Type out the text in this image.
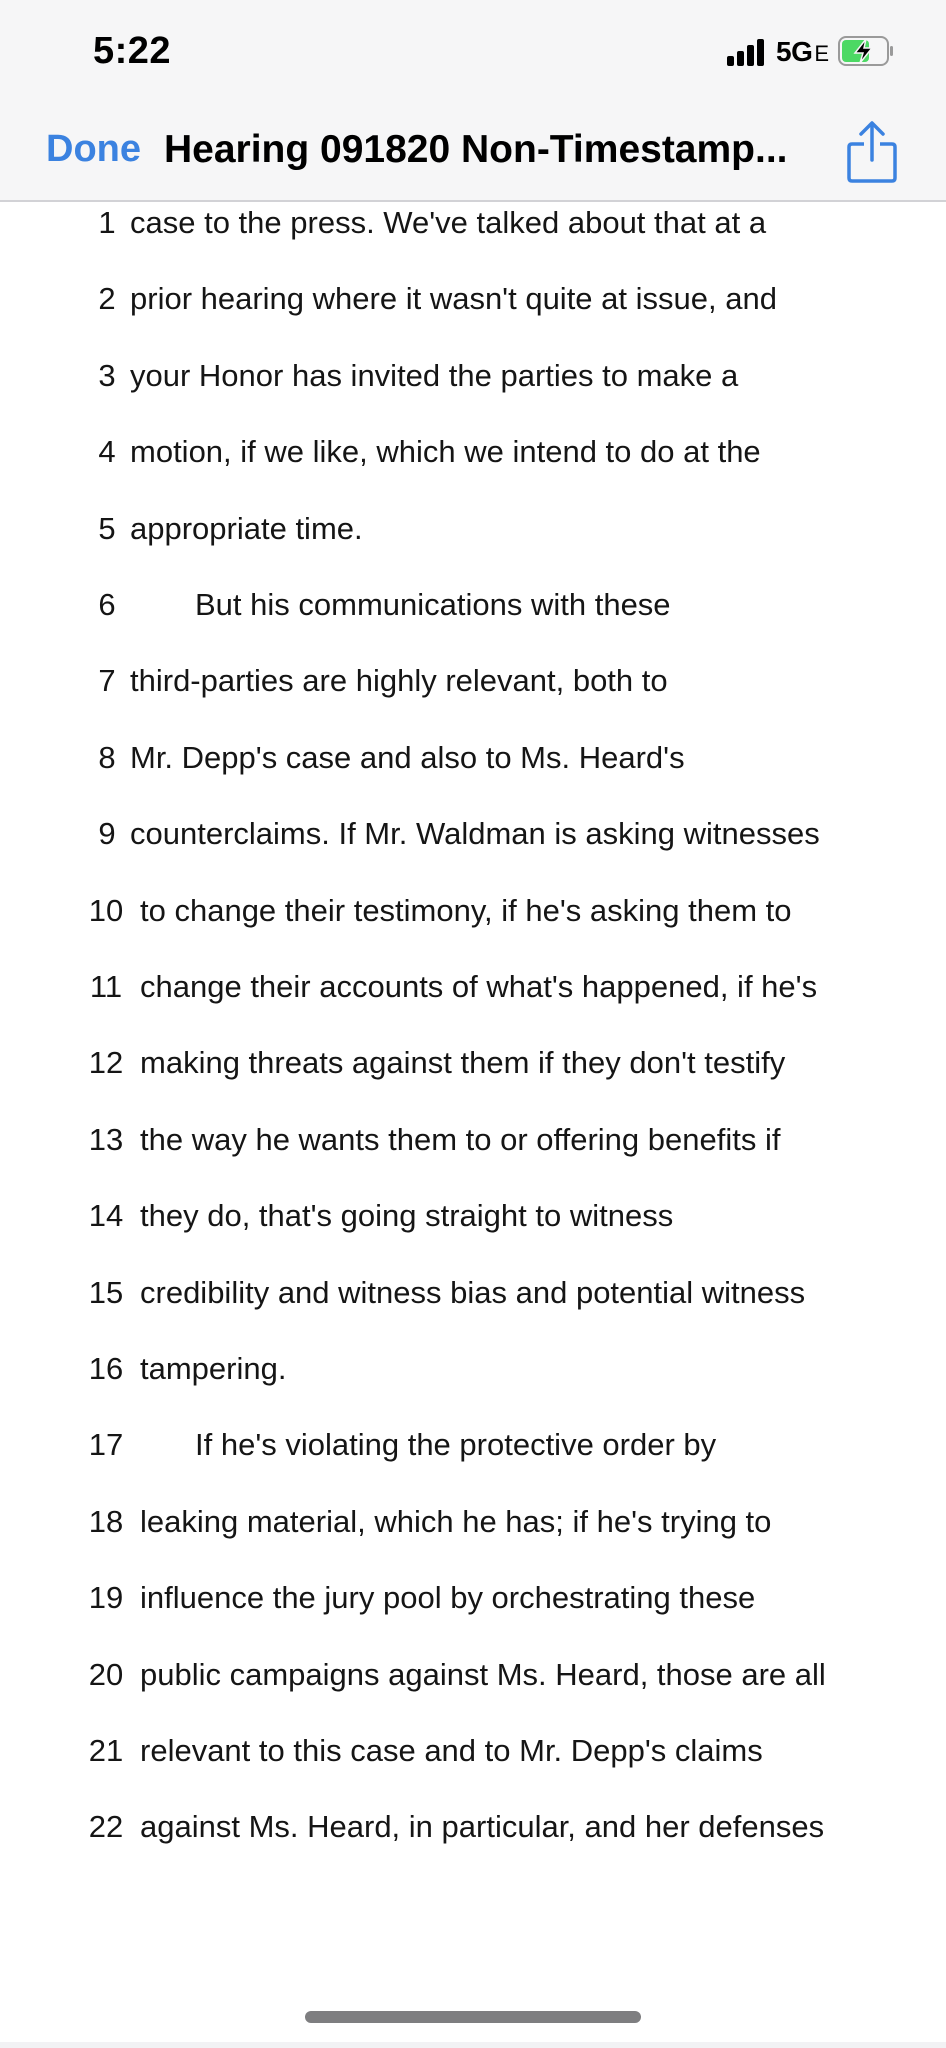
5:22	5GE
Done Hearing 091820 Non-Timestamp...
1 case to the press. We've talked about that at a
2 prior hearing where it wasn't quite at issue, and
3 your Honor has invited the parties to make a
4 motion, if we like, which we intend to do at the
5 appropriate time.
6	But his communications with these
7 third-parties are highly relevant, both to
8 Mr. Depp's case and also to Ms. Heard's
9 counterclaims. If Mr. Waldman is asking witnesses
10 to change their testimony, if he's asking them to
11 change their accounts of what's happened, if he's
12 making threats against them if they don't testify
13 the way he wants them to or offering benefits if
14 they do, that's going straight to witness
15 credibility and witness bias and potential witness
16 tampering.
17 If he's violating the protective order by
18 leaking material, which he has; if he's trying to
19 influence the jury pool by orchestrating these
20 public campaigns against Ms. Heard, those are all
21 relevant to this case and to Mr. Depp's claims
22 against Ms. Heard, in particular, and her defenses
